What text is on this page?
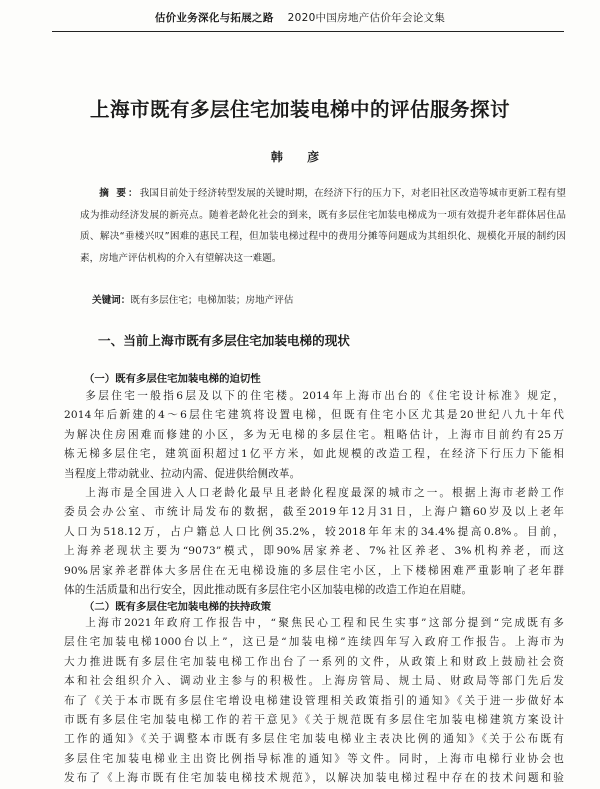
估价业务深化与拓展之路 2020中国房地产估价年会论文集
上海市既有多层住宅加装电梯中的评估服务探讨
韩 彦

摘 要：我国目前处于经济转型发展的关键时期，在经济下行的压力下，对老旧社区改造等城市更新工程有望成为推动经济发展的新亮点。随着老龄化社会的到来，既有多层住宅加装电梯成为一项有效提升老年群体居住品质、解决“垂楼兴叹”困难的惠民工程，但加装电梯过程中的费用分摊等问题成为其组织化、规模化开展的制约因素，房地产评估机构的介入有望解决这一难题。

关键词：既有多层住宅；电梯加装；房地产评估
一、当前上海市既有多层住宅加装电梯的现状
（一）既有多层住宅加装电梯的迫切性
多层住宅一般指6层及以下的住宅楼。2014年上海市出台的《住宅设计标准》规定，
2014年后新建的4～6层住宅建筑将设置电梯，但既有住宅小区尤其是20世纪八九十年代
为解决住房困难而修建的小区，多为无电梯的多层住宅。粗略估计，上海市目前约有25万
栋无梯多层住宅，建筑面积超过1亿平方米，如此规模的改造工程，在经济下行压力下能相
当程度上带动就业、拉动内需、促进供给侧改革。
上海市是全国进入人口老龄化最早且老龄化程度最深的城市之一。根据上海市老龄工作
委员会办公室、市统计局发布的数据，截至2019年12月31日，上海户籍60岁及以上老年
人口为518.12万，占户籍总人口比例35.2%，较2018年年末的34.4%提高0.8%。目前，
上海养老现状主要为“9073”模式，即90%居家养老、7%社区养老、3%机构养老，而这
90%居家养老群体大多居住在无电梯设施的多层住宅小区，上下楼梯困难严重影响了老年群
体的生活质量和出行安全，因此推动既有多层住宅小区加装电梯的改造工作迫在眉睫。
（二）既有多层住宅加装电梯的扶持政策
上海市2021年政府工作报告中，“聚焦民心工程和民生实事”这部分提到“完成既有多
层住宅加装电梯1000台以上”，这已是“加装电梯”连续四年写入政府工作报告。上海市为
大力推进既有多层住宅加装电梯工作出台了一系列的文件，从政策上和财政上鼓励社会资
本和社会组织介入、调动业主参与的积极性。上海房管局、规土局、财政局等部门先后发
布了《关于本市既有多层住宅增设电梯建设管理相关政策指引的通知》《关于进一步做好本
市既有多层住宅加装电梯工作的若干意见》《关于规范既有多层住宅加装电梯建筑方案设计
工作的通知》《关于调整本市既有多层住宅加装电梯业主表决比例的通知》《关于公布既有
多层住宅加装电梯业主出资比例指导标准的通知》等文件。同时，上海市电梯行业协会也
发布了《上海市既有住宅加装电梯技术规范》，以解决加装电梯过程中存在的技术问题和验
